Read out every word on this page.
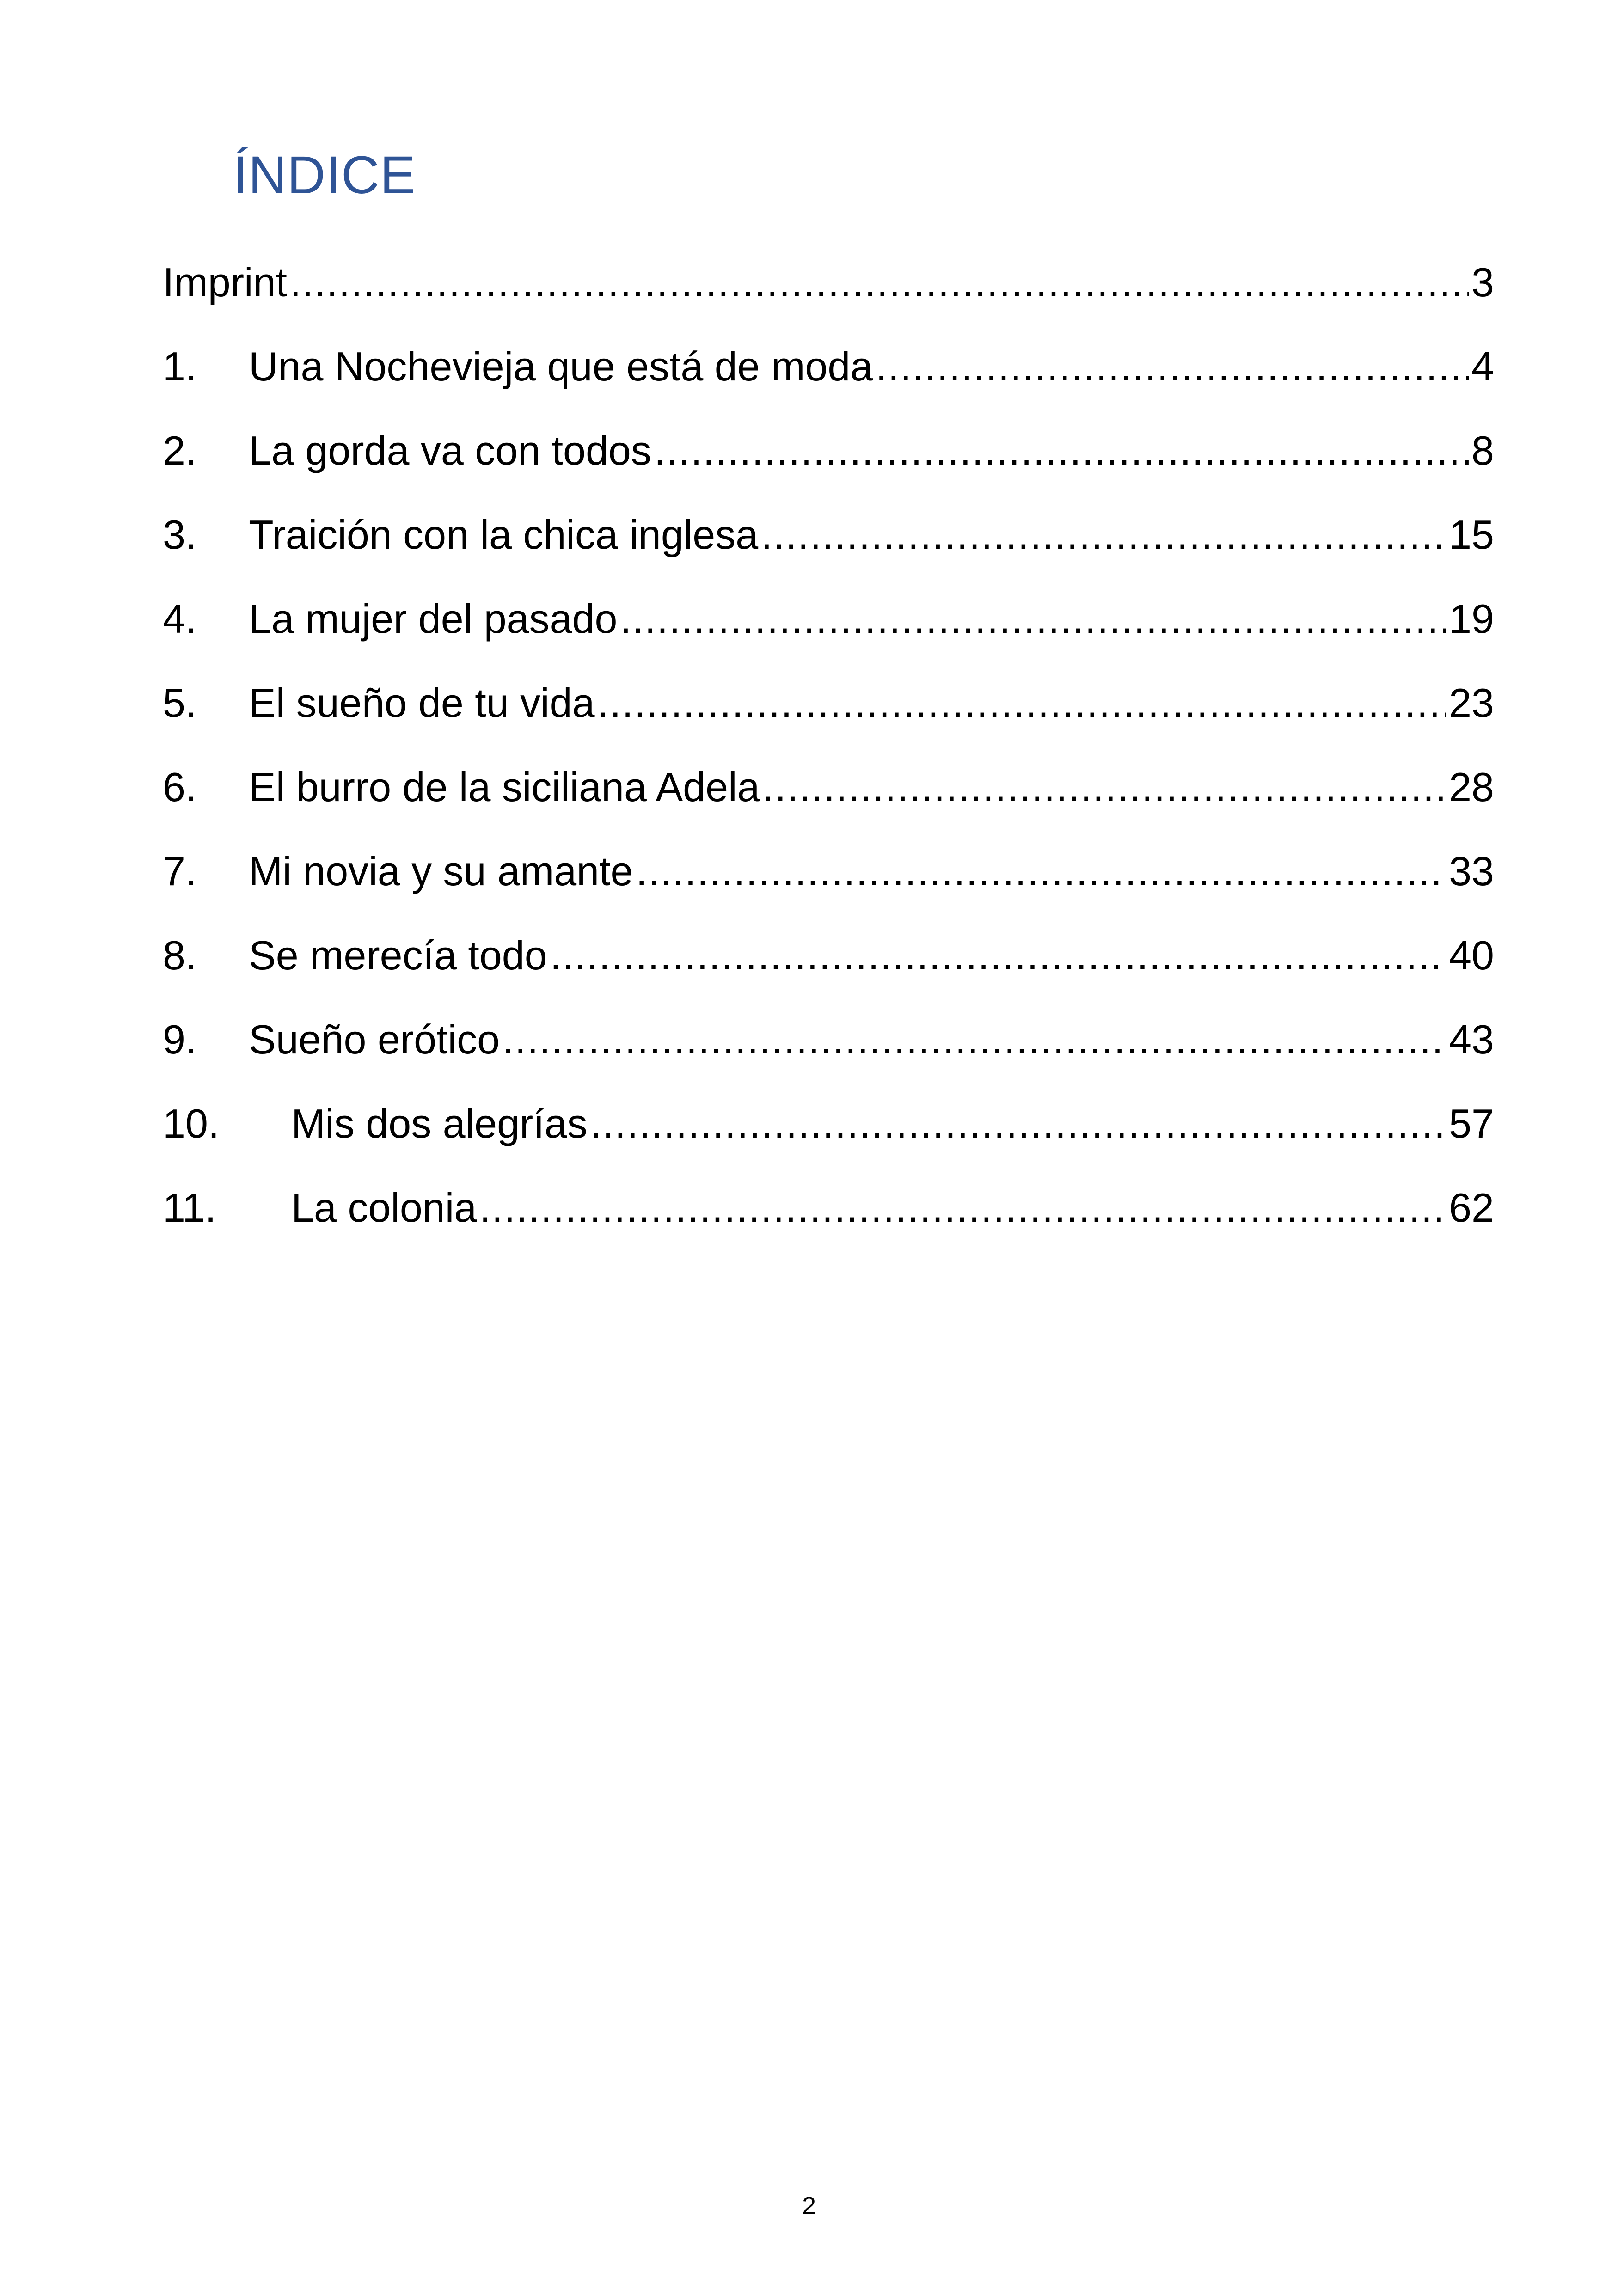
ÍNDICE
Imprint .....	3
1.	Una Nochevieja que está de moda .....	4
2.	La gorda va con todos .....	8
3.	Traición con la chica inglesa .....	15
4.	La mujer del pasado .....	19
5.	El sueño de tu vida .....	23
6.	El burro de la siciliana Adela .....	28
7.	Mi novia y su amante .....	33
8.	Se merecía todo .....	40
9.	Sueño erótico .....	43
10.	Mis dos alegrías .....	57
11.	La colonia .....	62
2
